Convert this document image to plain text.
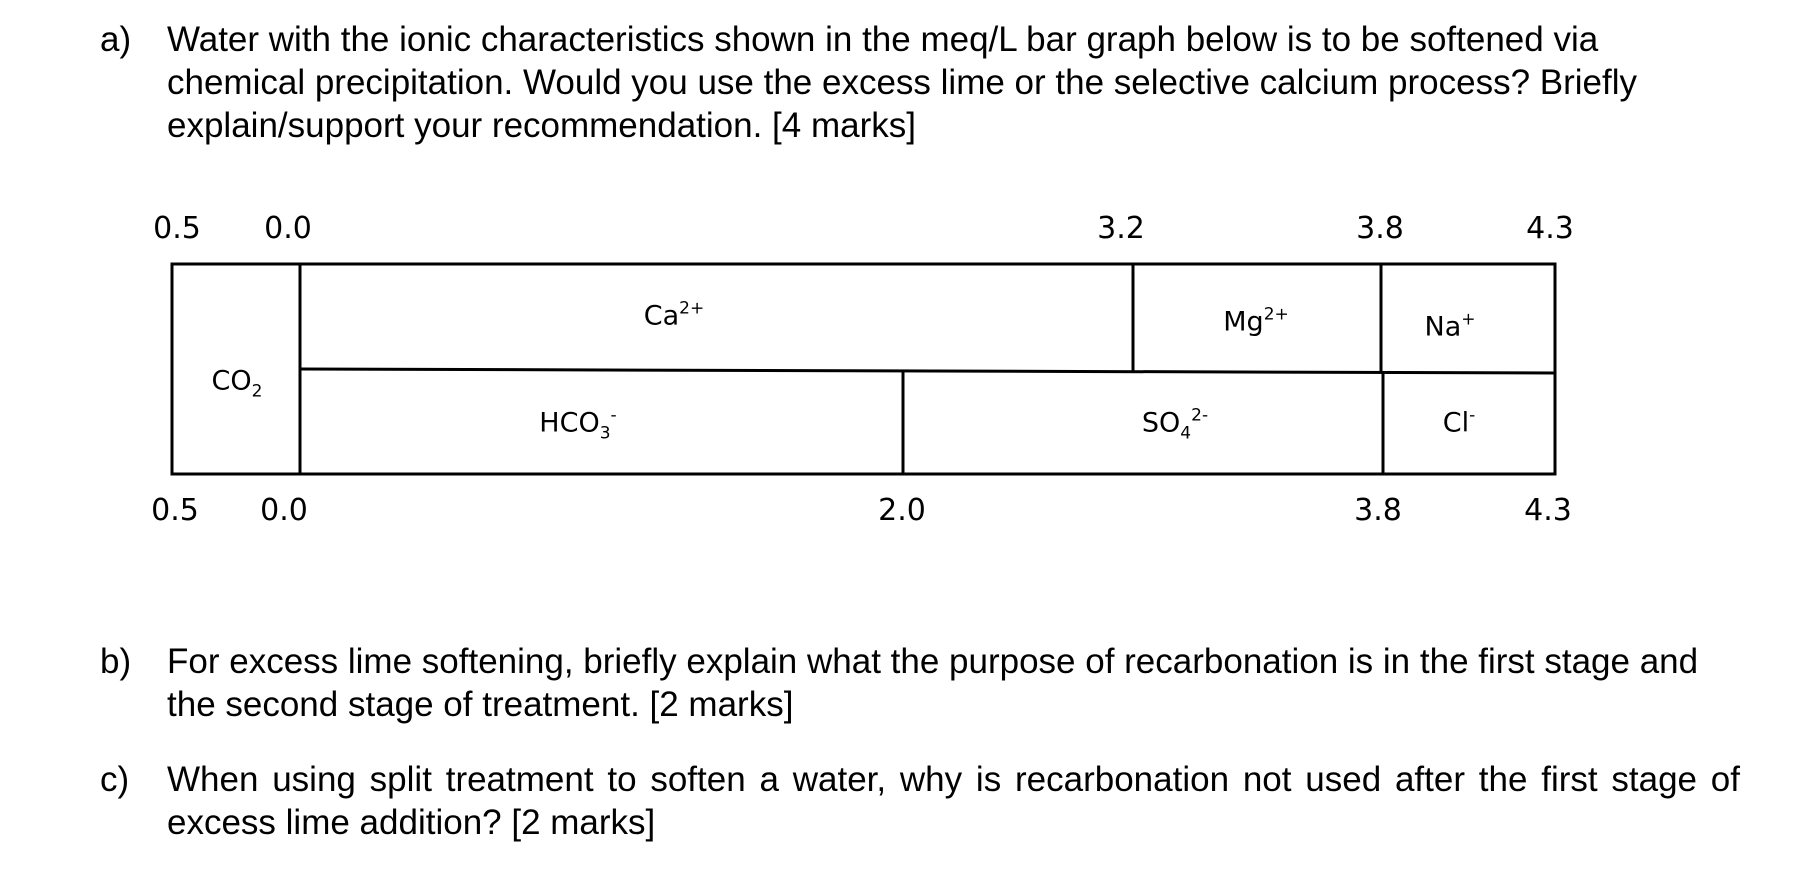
a) Water with the ionic characteristics shown in the meq/L bar graph below is to be softened via chemical precipitation. Would you use the excess lime or the selective calcium process? Briefly explain/support your recommendation. [4 marks]
0.5 0.0	3.2	3.8	4.3
0.5 0.0	2.0	3.8	4.3
$CO_2$
$Ca^{2+}$	$Mg^{2+}$	Na+
$HCO_3^-$	$SO_4^{2-}$	Cl-
b) For excess lime softening, briefly explain what the purpose of recarbonation is in the first stage and the second stage of treatment. [2 marks]
c) When using split treatment to soften a water, why is recarbonation not used after the first stage of excess lime addition? [2 marks]
